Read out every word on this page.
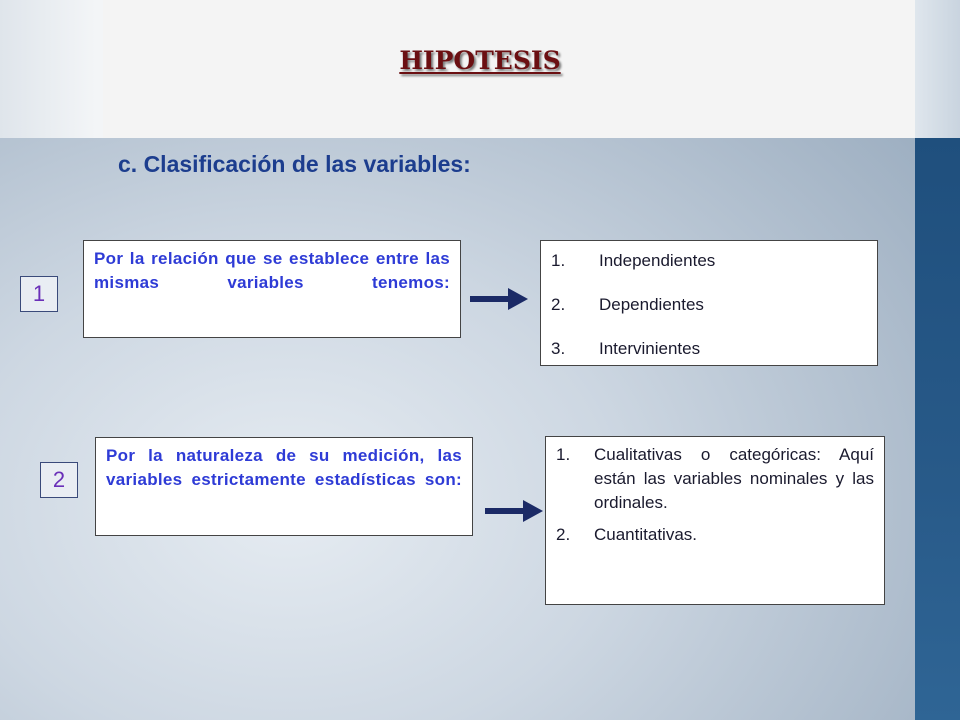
HIPOTESIS
c. Clasificación de las variables:
1
Por la relación que se establece entre las mismas variables tenemos:
1.	Independientes
2.	Dependientes
3.	Intervinientes
2
Por la naturaleza de su medición, las variables estrictamente estadísticas son:
1.	Cualitativas o categóricas: Aquí están las variables nominales y las ordinales.
2.	Cuantitativas.
